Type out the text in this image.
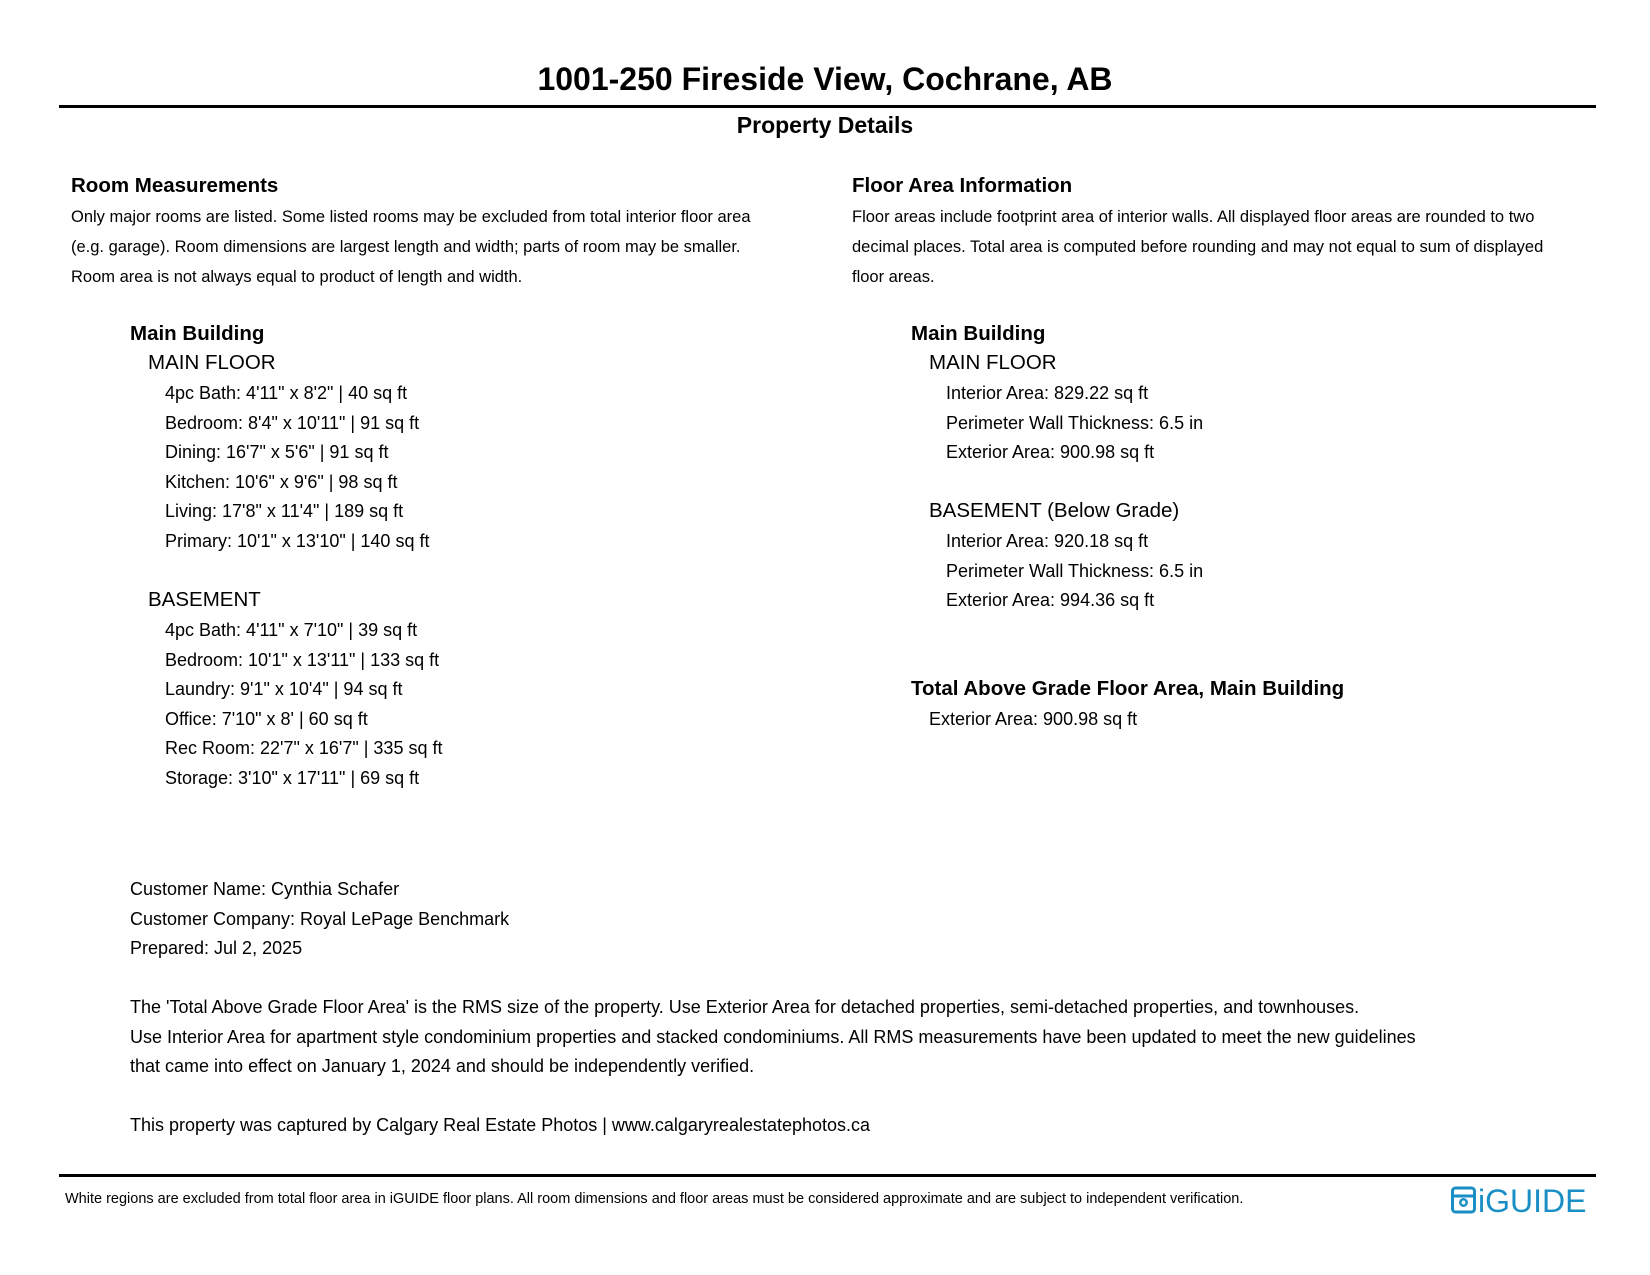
1001-250 Fireside View, Cochrane, AB
Property Details
Room Measurements
Only major rooms are listed. Some listed rooms may be excluded from total interior floor area
(e.g. garage). Room dimensions are largest length and width; parts of room may be smaller.
Room area is not always equal to product of length and width.
Main Building
MAIN FLOOR
4pc Bath: 4'11" x 8'2" | 40 sq ft
Bedroom: 8'4" x 10'11" | 91 sq ft
Dining: 16'7" x 5'6" | 91 sq ft
Kitchen: 10'6" x 9'6" | 98 sq ft
Living: 17'8" x 11'4" | 189 sq ft
Primary: 10'1" x 13'10" | 140 sq ft
BASEMENT
4pc Bath: 4'11" x 7'10" | 39 sq ft
Bedroom: 10'1" x 13'11" | 133 sq ft
Laundry: 9'1" x 10'4" | 94 sq ft
Office: 7'10" x 8' | 60 sq ft
Rec Room: 22'7" x 16'7" | 335 sq ft
Storage: 3'10" x 17'11" | 69 sq ft
Floor Area Information
Floor areas include footprint area of interior walls. All displayed floor areas are rounded to two
decimal places. Total area is computed before rounding and may not equal to sum of displayed
floor areas.
Main Building
MAIN FLOOR
Interior Area: 829.22 sq ft
Perimeter Wall Thickness: 6.5 in
Exterior Area: 900.98 sq ft
BASEMENT (Below Grade)
Interior Area: 920.18 sq ft
Perimeter Wall Thickness: 6.5 in
Exterior Area: 994.36 sq ft
Total Above Grade Floor Area, Main Building
Exterior Area: 900.98 sq ft
Customer Name: Cynthia Schafer
Customer Company: Royal LePage Benchmark
Prepared: Jul 2, 2025
The 'Total Above Grade Floor Area' is the RMS size of the property. Use Exterior Area for detached properties, semi-detached properties, and townhouses.
Use Interior Area for apartment style condominium properties and stacked condominiums. All RMS measurements have been updated to meet the new guidelines
that came into effect on January 1, 2024 and should be independently verified.
This property was captured by Calgary Real Estate Photos | www.calgaryrealestatephotos.ca
White regions are excluded from total floor area in iGUIDE floor plans. All room dimensions and floor areas must be considered approximate and are subject to independent verification.	iGUIDE
